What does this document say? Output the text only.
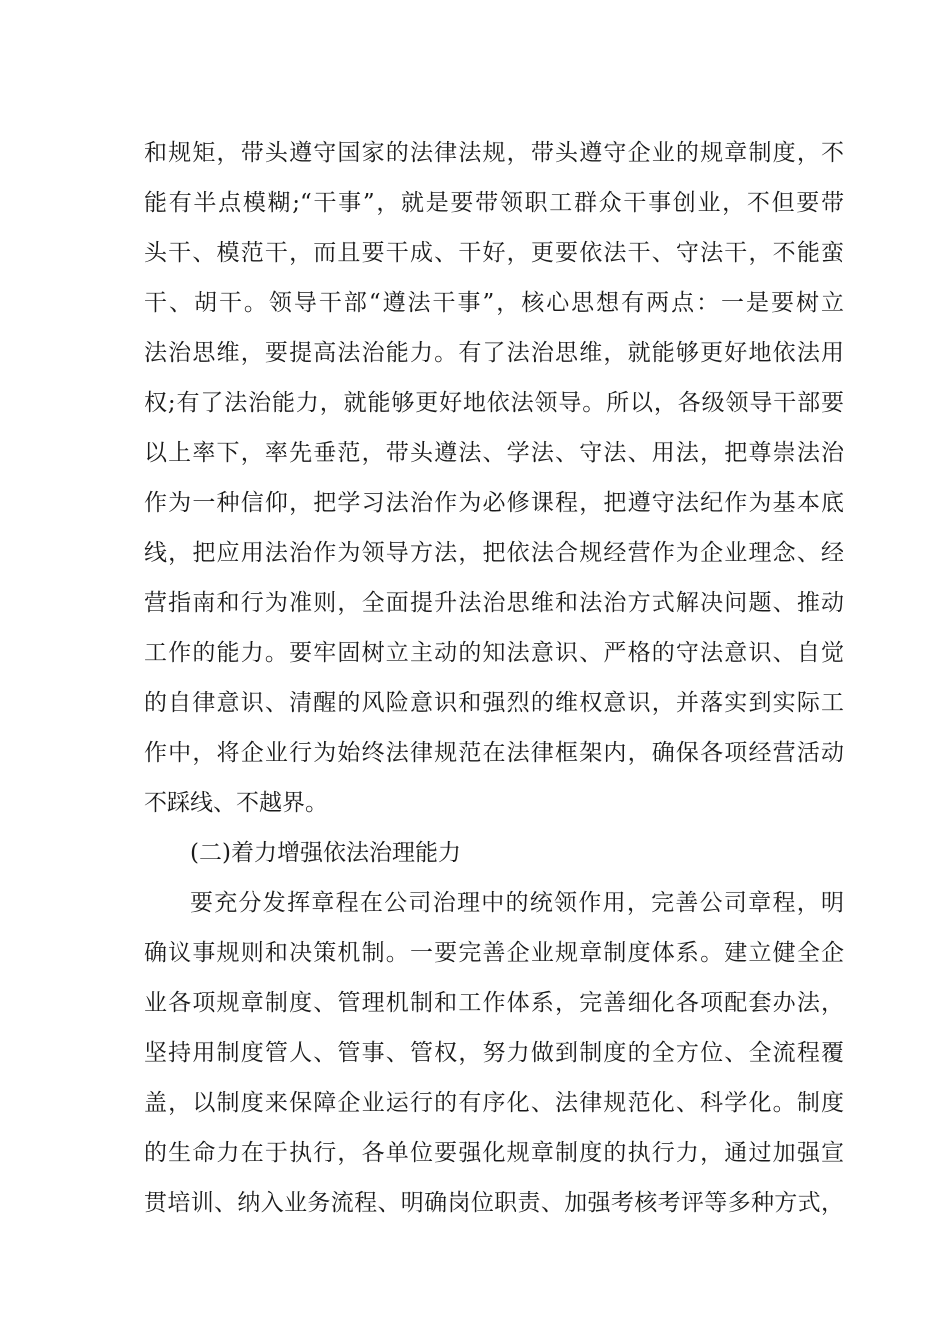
和规矩，带头遵守国家的法律法规，带头遵守企业的规章制度，不
能有半点模糊;“干事”，就是要带领职工群众干事创业，不但要带
头干、模范干，而且要干成、干好，更要依法干、守法干，不能蛮
干、胡干。领导干部“遵法干事”，核心思想有两点：一是要树立
法治思维，要提高法治能力。有了法治思维，就能够更好地依法用
权;有了法治能力，就能够更好地依法领导。所以，各级领导干部要
以上率下，率先垂范，带头遵法、学法、守法、用法，把尊崇法治
作为一种信仰，把学习法治作为必修课程，把遵守法纪作为基本底
线，把应用法治作为领导方法，把依法合规经营作为企业理念、经
营指南和行为准则，全面提升法治思维和法治方式解决问题、推动
工作的能力。要牢固树立主动的知法意识、严格的守法意识、自觉
的自律意识、清醒的风险意识和强烈的维权意识，并落实到实际工
作中，将企业行为始终法律规范在法律框架内，确保各项经营活动
不踩线、不越界。
(二)着力增强依法治理能力
要充分发挥章程在公司治理中的统领作用，完善公司章程，明
确议事规则和决策机制。一要完善企业规章制度体系。建立健全企
业各项规章制度、管理机制和工作体系，完善细化各项配套办法，
坚持用制度管人、管事、管权，努力做到制度的全方位、全流程覆
盖，以制度来保障企业运行的有序化、法律规范化、科学化。制度
的生命力在于执行，各单位要强化规章制度的执行力，通过加强宣
贯培训、纳入业务流程、明确岗位职责、加强考核考评等多种方式，
